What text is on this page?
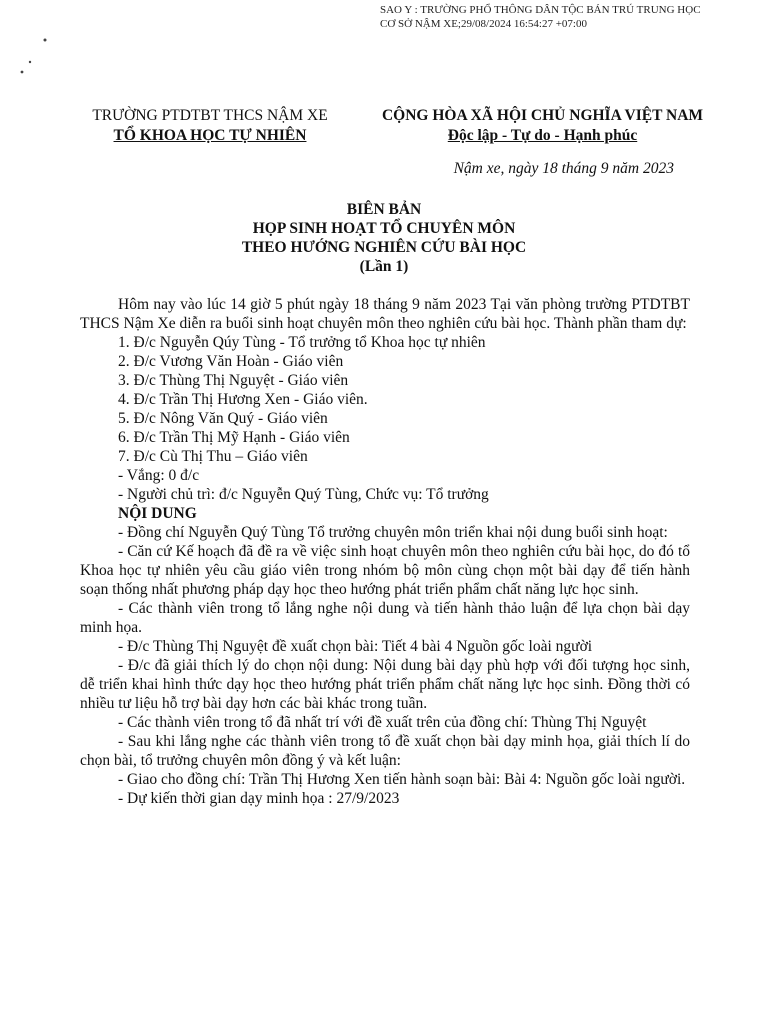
SAO Y : TRƯỜNG PHỔ THÔNG DÂN TỘC BÁN TRÚ TRUNG HỌC
CƠ SỞ NẬM XE;29/08/2024 16:54:27 +07:00
TRƯỜNG PTDTBT THCS NẬM XE
TỔ KHOA HỌC TỰ NHIÊN
CỘNG HÒA XÃ HỘI CHỦ NGHĨA VIỆT NAM
Độc lập - Tự do - Hạnh phúc
Nậm xe, ngày 18 tháng 9 năm 2023
BIÊN BẢN
HỌP SINH HOẠT TỔ CHUYÊN MÔN
THEO HƯỚNG NGHIÊN CỨU BÀI HỌC
(Lần 1)

Hôm nay vào lúc 14 giờ 5 phút ngày 18 tháng 9 năm 2023 Tại văn phòng trường PTDTBT THCS Nậm Xe diễn ra buổi sinh hoạt chuyên môn theo nghiên cứu bài học. Thành phần tham dự:

1. Đ/c Nguyễn Qúy Tùng - Tổ trưởng tổ Khoa học tự nhiên

2. Đ/c Vương Văn Hoàn - Giáo viên

3. Đ/c Thùng Thị Nguyệt - Giáo viên

4. Đ/c Trần Thị Hương Xen - Giáo viên.

5. Đ/c Nông Văn Quý - Giáo viên

6. Đ/c Trần Thị Mỹ Hạnh - Giáo viên

7. Đ/c Cù Thị Thu – Giáo viên

- Vắng: 0 đ/c

- Người chủ trì: đ/c Nguyễn Quý Tùng, Chức vụ: Tổ trưởng

NỘI DUNG

- Đồng chí Nguyễn Quý Tùng Tổ trưởng chuyên môn triển khai nội dung buổi sinh hoạt:

- Căn cứ Kế hoạch đã đề ra về việc sinh hoạt chuyên môn theo nghiên cứu bài học, do đó tổ Khoa học tự nhiên yêu cầu giáo viên trong nhóm bộ môn cùng chọn một bài dạy để tiến hành soạn thống nhất phương pháp dạy học theo hướng phát triển phẩm chất năng lực học sinh.

- Các thành viên trong tổ lắng nghe nội dung và tiến hành thảo luận để lựa chọn bài dạy minh họa.

- Đ/c Thùng Thị Nguyệt đề xuất chọn bài: Tiết 4 bài 4 Nguồn gốc loài người

- Đ/c đã giải thích lý do chọn nội dung: Nội dung bài dạy phù hợp với đối tượng học sinh, dễ triển khai hình thức dạy học theo hướng phát triển phẩm chất năng lực học sinh. Đồng thời có nhiều tư liệu hỗ trợ bài dạy hơn các bài khác trong tuần.

- Các thành viên trong tổ đã nhất trí với đề xuất trên của đồng chí: Thùng Thị Nguyệt

- Sau khi lắng nghe các thành viên trong tổ đề xuất chọn bài dạy minh họa, giải thích lí do chọn bài, tổ trưởng chuyên môn đồng ý và kết luận:

- Giao cho đồng chí: Trần Thị Hương Xen tiến hành soạn bài: Bài 4: Nguồn gốc loài người.

- Dự kiến thời gian dạy minh họa : 27/9/2023
